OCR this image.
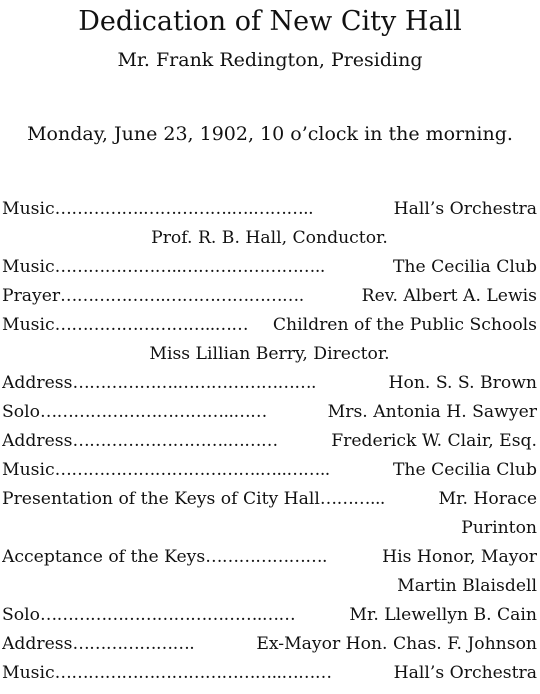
Dedication of New City Hall
Mr. Frank Redington, Presiding
Monday, June 23, 1902, 10 o’clock in the morning.
Music …………….…………….….………..	Hall’s Orchestra
Prof. R. B. Hall, Conductor.
Music …………………..……………………..	The Cecilia Club
Prayer ……………….…………………….	Rev. Albert A. Lewis
Music ………………………..……	Children of the Public Schools
Miss Lillian Berry, Director.
Address ……………….…………………….	Hon. S. S. Brown
Solo ……………………………..……	Mrs. Antonia H. Sawyer
Address ……………………….………	Frederick W. Clair, Esq.
Music ……………………………….…..……..	The Cecilia Club
Presentation of the Keys of City Hall ………...	Mr. Horace
Purinton
Acceptance of the Keys ………………….	His Honor, Mayor
Martin Blaisdell
Solo ………………………………….……	Mr. Llewellyn B. Cain
Address ………………….	Ex-Mayor Hon. Chas. F. Johnson
Music …………………………………..………	Hall’s Orchestra
